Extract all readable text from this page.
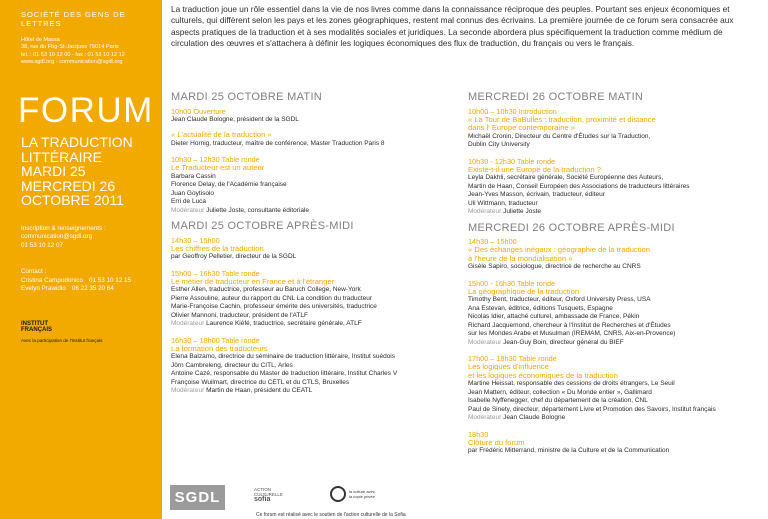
SOCIÉTÉ DES GENS DE LETTRES
Hôtel de Massa
38, rue du Fbg-St-Jacques 75014 Paris
tel. : 01 53 10 12 00 - fax : 01 53 10 12 12
www.sgdl.org - communication@sgdl.org
FORUM
LA TRADUCTION
LITTÉRAIRE
MARDI 25
MERCREDI 26
OCTOBRE 2011
Inscription & renseignements :
communication@sgdl.org
01 53 10 12 07
Contact :
Cristina Campodonico 01 53 10 12 15
Evelyn Prawidlo 06 22 35 20 64
INSTITUT
FRANÇAIS
Avec la participation de l'Institut français
La traduction joue un rôle essentiel dans la vie de nos livres comme dans la connaissance réciproque des peuples. Pourtant ses enjeux économiques et culturels, qui diffèrent selon les pays et les zones géographiques, restent mal connus des écrivains. La première journée de ce forum sera consacrée aux aspects pratiques de la traduction et à ses modalités sociales et juridiques. La seconde abordera plus spécifiquement la traduction comme médium de circulation des œuvres et s'attachera à définir les logiques économiques des flux de traduction, du français ou vers le français.
MARDI 25 OCTOBRE MATIN
10h00 Ouverture
Jean Claude Bologne, président de la SGDL
« L'actualité de la traduction »
Dieter Hornig, traducteur, maître de conférence, Master Traduction Paris 8
10h30 – 12h30 Table ronde
Le Traducteur est un auteur
Barbara Cassin
Florence Delay, de l'Académie française
Juan Goytisolo
Erri de Luca
Modérateur Juliette Joste, consultante éditoriale
MARDI 25 OCTOBRE APRÈS-MIDI
14h30 – 15h00
Les chiffres de la traduction
par Geoffroy Pelletier, directeur de la SGDL
15h00 – 16h30 Table ronde
Le métier de traducteur en France et à l'étranger
Esther Allen, traductrice, professeur au Baruch College, New-York
Pierre Assouline, auteur du rapport du CNL La condition du traducteur
Marie-Françoise Cachin, professeur émérite des universités, traductrice
Olivier Mannoni, traducteur, président de l'ATLF
Modérateur Laurence Kiéfé, traductrice, secrétaire générale, ATLF
16h30 – 18h00 Table ronde
La formation des traducteurs
Elena Balzamo, directrice du séminaire de traduction littéraire, Institut suédois
Jörn Cambreleng, directeur du CITL, Arles
Antoine Cazé, responsable du Master de traduction littéraire, Institut Charles V
Françoise Wuilmart, directrice du CETL et du CTLS, Bruxelles
Modérateur Martin de Haan, président du CEATL
MERCREDI 26 OCTOBRE MATIN
10h00 – 10h30 Introduction
« La Tour de BaBulles : traduction, proximité et distance
dans l' Europe contemporaine »
Michaël Cronin, Directeur du Centre d'Études sur la Traduction,
Dublin City University
10h30 - 12h30 Table ronde
Existe-t-il une Europe de la traduction ?
Leyla Dakhli, secrétaire générale, Société Européenne des Auteurs,
Martin de Haan, Conseil Européen des Associations de traducteurs littéraires
Jean-Yves Masson, écrivain, traducteur, éditeur
Uli Wittmann, traducteur
Modérateur Juliette Joste
MERCREDI 26 OCTOBRE APRÈS-MIDI
14h30 – 15h00
« Des échanges inégaux : géographie de la traduction
à l'heure de la mondialisation »
Gisèle Sapiro, sociologue, directrice de recherche au CNRS
15h00 - 16h30 Table ronde
La géographique de la traduction
Timothy Bent, traducteur, éditeur, Oxford University Press, USA
Ana Estevan, éditrice, éditions Tusquets, Espagne
Nicolas Idier, attaché culturel, ambassade de France, Pékin
Richard Jacquemond, chercheur à l'Institut de Recherches et d'Études
sur les Mondes Arabe et Musulman (IREMAM, CNRS, Aix-en-Provence)
Modérateur Jean-Guy Boin, directeur général du BIEF
17h00 – 18h30 Table ronde
Les logiques d'influence
et les logiques économiques de la traduction
Martine Heissat, responsable des cessions de droits étrangers, Le Seuil
Jean Mattern, éditeur, collection « Du Monde entier », Gallimard
Isabelle Nyffenegger, chef du département de la création, CNL
Paul de Sinety, directeur, département Livre et Promotion des Savoirs, Institut français
Modérateur Jean Claude Bologne
18h30
Clôture du forum
par Frédéric Mitterrand, ministre de la Culture et de la Communication
SGDL	ACTION
CULTURELLE
sofia
la culture avec
la copie privée
Ce forum est réalisé avec le soutien de l'action culturelle de la Sofia
